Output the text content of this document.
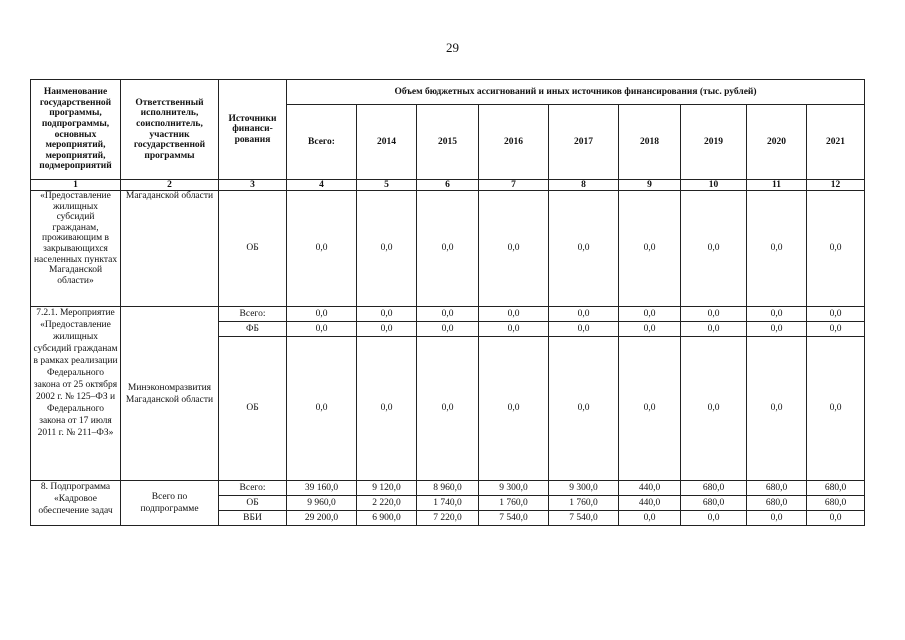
29
Наименование государственной программы, подпрограммы, основных мероприятий, мероприятий, подмероприятий	Ответственный исполнитель, соисполнитель, участник государственной программы	Источники финанси-рования	Объем бюджетных ассигнований и иных источников финансирования (тыс. рублей)								
			Всего:	2014	2015	2016	2017	2018	2019	2020	2021
1	2	3	4	5	6	7	8	9	10	11	12
«Предоставление жилищных субсидий гражданам, проживающим в закрывающихся населенных пунктах Магаданской области»	Магаданской области	ОБ	0,0	0,0	0,0	0,0	0,0	0,0	0,0	0,0	0,0
7.2.1. Мероприятие «Предоставление жилищных субсидий гражданам в рамках реализации Федерального закона от 25 октября 2002 г. № 125–ФЗ и Федерального закона от 17 июля 2011 г. № 211–ФЗ»	Минэкономразвития Магаданской области	Всего:	0,0	0,0	0,0	0,0	0,0	0,0	0,0	0,0	0,0
		ФБ	0,0	0,0	0,0	0,0	0,0	0,0	0,0	0,0	0,0
		ОБ	0,0	0,0	0,0	0,0	0,0	0,0	0,0	0,0	0,0
8. Подпрограмма «Кадровое обеспечение задач	Всего по подпрограмме	Всего:	39 160,0	9 120,0	8 960,0	9 300,0	9 300,0	440,0	680,0	680,0	680,0
		ОБ	9 960,0	2 220,0	1 740,0	1 760,0	1 760,0	440,0	680,0	680,0	680,0
		ВБИ	29 200,0	6 900,0	7 220,0	7 540,0	7 540,0	0,0	0,0	0,0	0,0
